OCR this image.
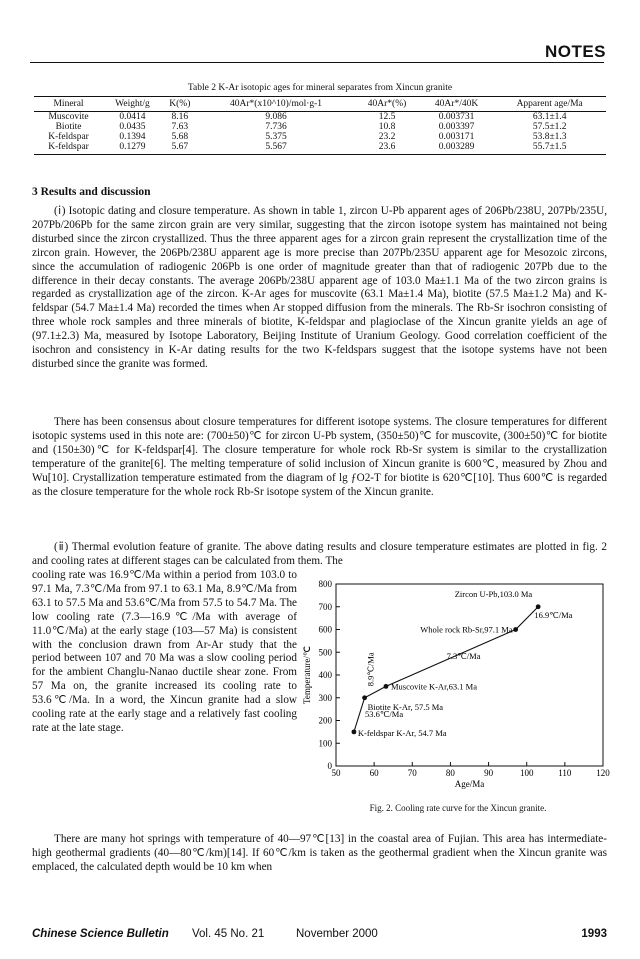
NOTES
Table 2 K-Ar isotopic ages for mineral separates from Xincun granite
Mineral	Weight/g	K(%)	40Ar*(x10^10)/mol·g-1	40Ar*(%)	40Ar*/40K	Apparent age/Ma
Muscovite	0.0414	8.16	9.086	12.5	0.003731	63.1±1.4
Biotite	0.0435	7.63	7.736	10.8	0.003397	57.5±1.2
K-feldspar	0.1394	5.68	5.375	23.2	0.003171	53.8±1.3
K-feldspar	0.1279	5.67	5.567	23.6	0.003289	55.7±1.5
3 Results and discussion

(ⅰ) Isotopic dating and closure temperature. As shown in table 1, zircon U-Pb apparent ages of 206Pb/238U, 207Pb/235U, 207Pb/206Pb for the same zircon grain are very similar, suggesting that the zircon isotope system has maintained not being disturbed since the zircon crystallized. Thus the three apparent ages for a zircon grain represent the crystallization time of the zircon grain. However, the 206Pb/238U apparent age is more precise than 207Pb/235U apparent age for Mesozoic zircons, since the accumulation of radiogenic 206Pb is one order of magnitude greater than that of radiogenic 207Pb due to the difference in their decay constants. The average 206Pb/238U apparent age of 103.0 Ma±1.1 Ma of the two zircon grains is regarded as crystallization age of the zircon. K-Ar ages for muscovite (63.1 Ma±1.4 Ma), biotite (57.5 Ma±1.2 Ma) and K-feldspar (54.7 Ma±1.4 Ma) recorded the times when Ar stopped diffusion from the minerals. The Rb-Sr isochron consisting of three whole rock samples and three minerals of biotite, K-feldspar and plagioclase of the Xincun granite yields an age of (97.1±2.3) Ma, measured by Isotope Laboratory, Beijing Institute of Uranium Geology. Good correlation coefficient of the isochron and consistency in K-Ar dating results for the two K-feldspars suggest that the isotope systems have not been disturbed since the granite was formed.

There has been consensus about closure temperatures for different isotope systems. The closure temperatures for different isotopic systems used in this note are: (700±50)℃ for zircon U-Pb system, (350±50)℃ for muscovite, (300±50)℃ for biotite and (150±30)℃ for K-feldspar[4]. The closure temperature for whole rock Rb-Sr system is similar to the crystallization temperature of the granite[6]. The melting temperature of solid inclusion of Xincun granite is 600℃, measured by Zhou and Wu[10]. Crystallization temperature estimated from the diagram of lg ƒO2-T for biotite is 620℃[10]. Thus 600℃ is regarded as the closure temperature for the whole rock Rb-Sr isotope system of the Xincun granite.

(ⅱ) Thermal evolution feature of granite. The above dating results and closure temperature estimates are plotted in fig. 2 and cooling rates at different stages can be calculated from them. The

cooling rate was 16.9℃/Ma within a period from 103.0 to 97.1 Ma, 7.3℃/Ma from 97.1 to 63.1 Ma, 8.9℃/Ma from 63.1 to 57.5 Ma and 53.6℃/Ma from 57.5 to 54.7 Ma. The low cooling rate (7.3—16.9℃/Ma with average of 11.0℃/Ma) at the early stage (103—57 Ma) is consistent with the conclusion drawn from Ar-Ar study that the period between 107 and 70 Ma was a slow cooling period for the ambient Changlu-Nanao ductile shear zone. From 57 Ma on, the granite increased its cooling rate to 53.6℃/Ma. In a word, the Xincun granite had a slow cooling rate at the early stage and a relatively fast cooling rate at the late stage.

There are many hot springs with temperature of 40—97℃[13] in the coastal area of Fujian. This area has intermediate-high geothermal gradients (40—80℃/km)[14]. If 60℃/km is taken as the geothermal gradient when the Xincun granite was emplaced, the calculated depth would be 10 km when

50	60	70	80	90	100	110	120
0
100
200
300
400
500
600
700
800
Age/Ma
Temperature/℃
Zircon U-Pb,103.0 Ma
Whole rock Rb-Sr,97.1 Ma
Muscovite K-Ar,63.1 Ma
Biotite K-Ar, 57.5 Ma
K-feldspar K-Ar, 54.7 Ma
16.9℃/Ma
7.3℃/Ma
8.9℃/Ma
53.6℃/Ma
Fig. 2. Cooling rate curve for the Xincun granite.
Chinese Science Bulletin Vol. 45 No. 21	November 2000	1993
